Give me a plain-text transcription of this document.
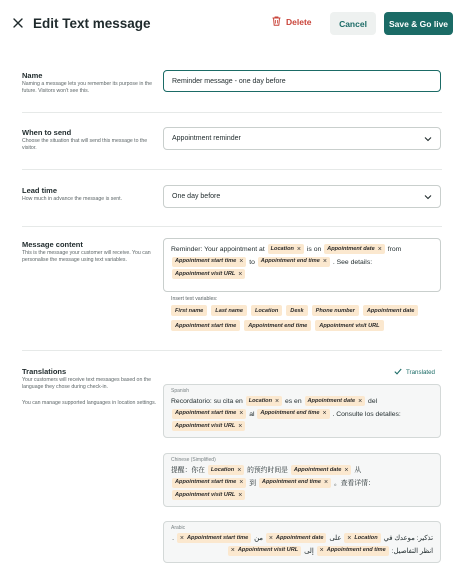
Edit Text message	Delete	Cancel	Save & Go live
Name
Naming a message lets you remember its purpose in the future. Visitors won't see this.
Reminder message - one day before
When to send
Choose the situation that will send this message to the visitor.
Appointment reminder
Lead time
How much in advance the message is sent.	One day before
Message content
This is the message your customer will receive. You can personalise the message using text variables.
Reminder: Your appointment at Location × is on Appointment date × from
Appointment start time × to Appointment end time × . See details:
Appointment visit URL ×
Insert text variables:
First name	Last name	Location	Desk	Phone number	Appointment date
Appointment start time	Appointment end time	Appointment visit URL
Translations
Your customers will receive text messages based on the language they chose during check-in.
You can manage supported languages in location settings.
Translated
Spanish
Recordatorio: su cita en Location × es en Appointment date × del
Appointment start time × al Appointment end time × . Consulte los detalles:
Appointment visit URL ×
Chinese (Simplified)
提醒：你在 Location × 的预约时间是 Appointment date × 从
Appointment start time × 到 Appointment end time × 。查看详情：
Appointment visit URL ×
Arabic
تذكير: موعدك في
Location
×
على
Appointment date
×
من
Appointment start time
×
. انظر التفاصيل:
Appointment end time
×
إلى
Appointment visit URL
×
